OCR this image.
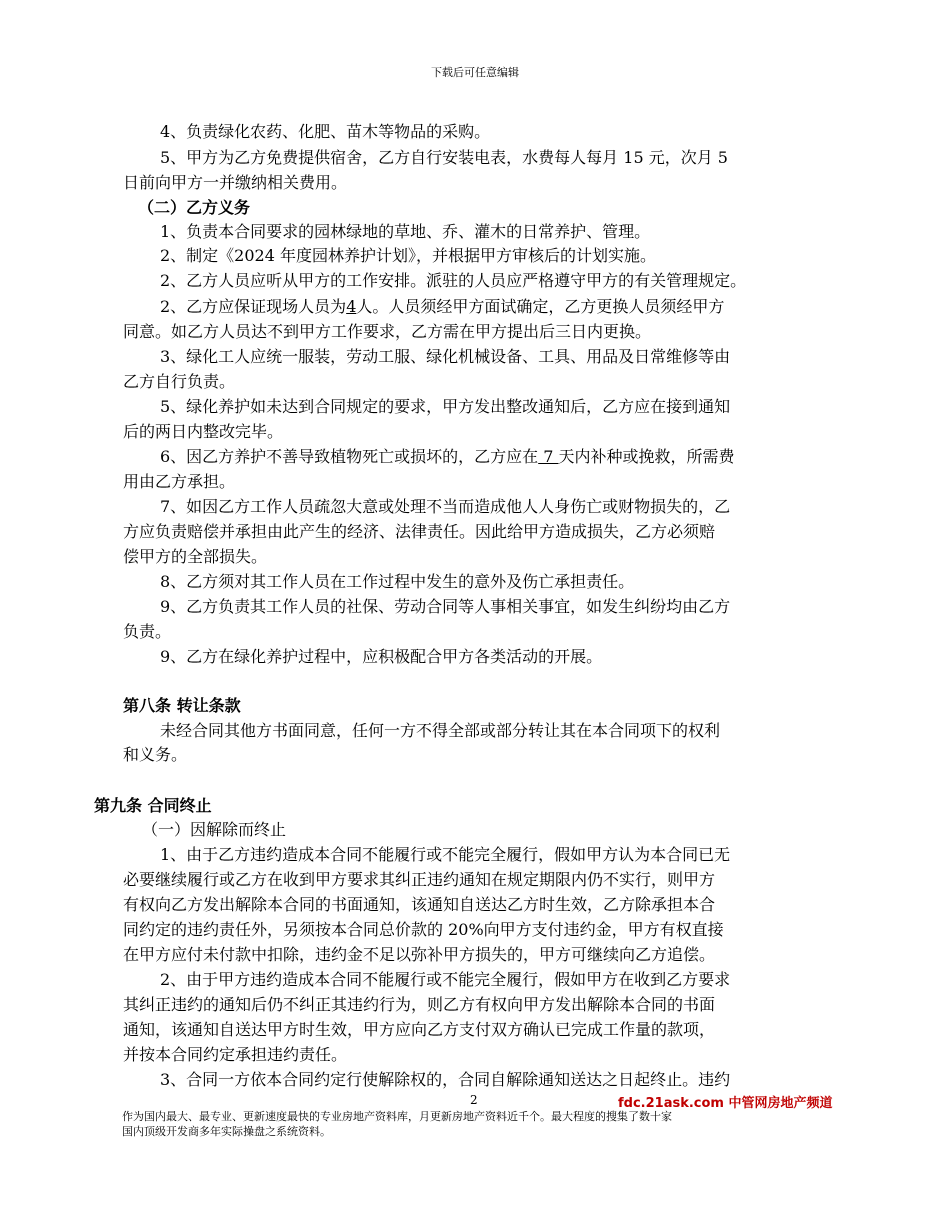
下载后可任意编辑
4、负责绿化农药、化肥、苗木等物品的采购。
5、甲方为乙方免费提供宿舍，乙方自行安装电表，水费每人每月 15 元，次月 5
日前向甲方一并缴纳相关费用。
（二）乙方义务
1、负责本合同要求的园林绿地的草地、乔、灌木的日常养护、管理。
2、制定《2024 年度园林养护计划》，并根据甲方审核后的计划实施。
2、乙方人员应听从甲方的工作安排。派驻的人员应严格遵守甲方的有关管理规定。
2、乙方应保证现场人员为4人。人员须经甲方面试确定，乙方更换人员须经甲方
同意。如乙方人员达不到甲方工作要求，乙方需在甲方提出后三日内更换。
3、绿化工人应统一服装，劳动工服、绿化机械设备、工具、用品及日常维修等由
乙方自行负责。
5、绿化养护如未达到合同规定的要求，甲方发出整改通知后，乙方应在接到通知
后的两日内整改完毕。
6、因乙方养护不善导致植物死亡或损坏的，乙方应在 7 天内补种或挽救，所需费
用由乙方承担。
7、如因乙方工作人员疏忽大意或处理不当而造成他人人身伤亡或财物损失的，乙
方应负责赔偿并承担由此产生的经济、法律责任。因此给甲方造成损失，乙方必须赔
偿甲方的全部损失。
8、乙方须对其工作人员在工作过程中发生的意外及伤亡承担责任。
9、乙方负责其工作人员的社保、劳动合同等人事相关事宜，如发生纠纷均由乙方
负责。
9、乙方在绿化养护过程中，应积极配合甲方各类活动的开展。
第八条 转让条款
未经合同其他方书面同意，任何一方不得全部或部分转让其在本合同项下的权利
和义务。
第九条 合同终止
（一）因解除而终止
1、由于乙方违约造成本合同不能履行或不能完全履行，假如甲方认为本合同已无
必要继续履行或乙方在收到甲方要求其纠正违约通知在规定期限内仍不实行，则甲方
有权向乙方发出解除本合同的书面通知，该通知自送达乙方时生效，乙方除承担本合
同约定的违约责任外，另须按本合同总价款的 20%向甲方支付违约金，甲方有权直接
在甲方应付未付款中扣除，违约金不足以弥补甲方损失的，甲方可继续向乙方追偿。
2、由于甲方违约造成本合同不能履行或不能完全履行，假如甲方在收到乙方要求
其纠正违约的通知后仍不纠正其违约行为，则乙方有权向甲方发出解除本合同的书面
通知，该通知自送达甲方时生效，甲方应向乙方支付双方确认已完成工作量的款项，
并按本合同约定承担违约责任。
3、合同一方依本合同约定行使解除权的，合同自解除通知送达之日起终止。违约
2	fdc.21ask.com 中管网房地产频道
作为国内最大、最专业、更新速度最快的专业房地产资料库，月更新房地产资料近千个。最大程度的搜集了数十家
国内顶级开发商多年实际操盘之系统资料。
